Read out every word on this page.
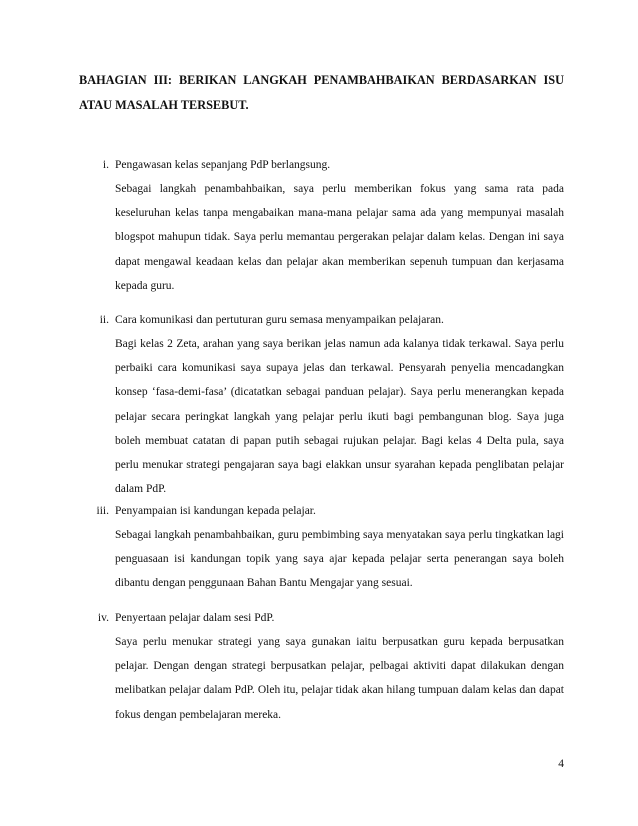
BAHAGIAN III: BERIKAN LANGKAH PENAMBAHBAIKAN BERDASARKAN ISU ATAU MASALAH TERSEBUT.
i. Pengawasan kelas sepanjang PdP berlangsung.
Sebagai langkah penambahbaikan, saya perlu memberikan fokus yang sama rata pada keseluruhan kelas tanpa mengabaikan mana-mana pelajar sama ada yang mempunyai masalah blogspot mahupun tidak. Saya perlu memantau pergerakan pelajar dalam kelas. Dengan ini saya dapat mengawal keadaan kelas dan pelajar akan memberikan sepenuh tumpuan dan kerjasama kepada guru.
ii. Cara komunikasi dan pertuturan guru semasa menyampaikan pelajaran.
Bagi kelas 2 Zeta, arahan yang saya berikan jelas namun ada kalanya tidak terkawal. Saya perlu perbaiki cara komunikasi saya supaya jelas dan terkawal. Pensyarah penyelia mencadangkan konsep ‘fasa-demi-fasa’ (dicatatkan sebagai panduan pelajar). Saya perlu menerangkan kepada pelajar secara peringkat langkah yang pelajar perlu ikuti bagi pembangunan blog. Saya juga boleh membuat catatan di papan putih sebagai rujukan pelajar. Bagi kelas 4 Delta pula, saya perlu menukar strategi pengajaran saya bagi elakkan unsur syarahan kepada penglibatan pelajar dalam PdP.
iii. Penyampaian isi kandungan kepada pelajar.
Sebagai langkah penambahbaikan, guru pembimbing saya menyatakan saya perlu tingkatkan lagi penguasaan isi kandungan topik yang saya ajar kepada pelajar serta penerangan saya boleh dibantu dengan penggunaan Bahan Bantu Mengajar yang sesuai.
iv. Penyertaan pelajar dalam sesi PdP.
Saya perlu menukar strategi yang saya gunakan iaitu berpusatkan guru kepada berpusatkan pelajar. Dengan dengan strategi berpusatkan pelajar, pelbagai aktiviti dapat dilakukan dengan melibatkan pelajar dalam PdP. Oleh itu, pelajar tidak akan hilang tumpuan dalam kelas dan dapat fokus dengan pembelajaran mereka.
4
